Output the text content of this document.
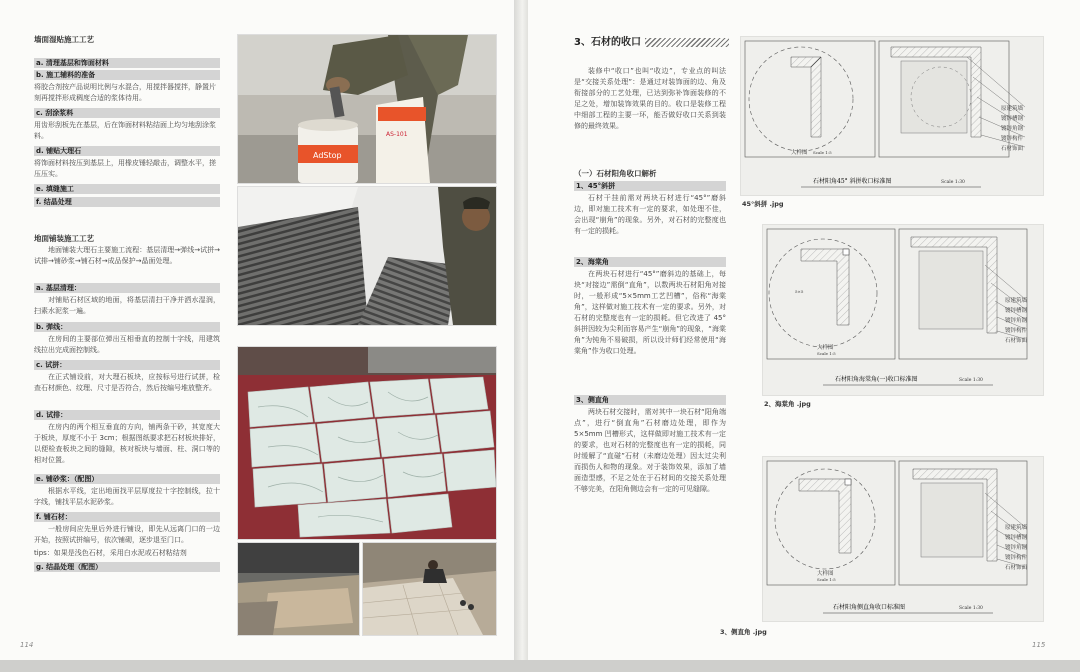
墙面湿贴施工工艺
a. 清理基层和饰面材料
b. 施工辅料的准备
将胶合剂按产品说明比例与水混合，用搅拌器搅拌，静置片刻再搅拌形成稠度合适的浆体待用。
c. 刮涂浆料
用齿形刮板先在基层，后在饰面材料粘结面上均匀地刮涂浆料。
d. 铺贴大理石
将饰面材料按压到基层上，用橡皮锤轻敲击，调整水平，搓压压实。
e. 填缝施工
f. 结晶处理
地面铺装施工工艺
地面铺装大理石主要施工流程：基层清理→弹线→试拼→试排→铺砂浆→铺石材→成品保护→晶面处理。
a. 基层清理：
对铺贴石材区域的地面，将基层清扫干净并洒水湿润，扫素水泥浆一遍。
b. 弹线：
在房间的主要部位弹出互相垂直的控制十字线，用建筑线拉出完成面控制线。
c. 试拼：
在正式铺设前，对大理石板块，应按标号进行试拼，检查石材颜色、纹理、尺寸是否符合，然后按编号堆放整齐。
d. 试排：
在房内的两个相互垂直的方向，铺两条干砂，其宽度大于板块，厚度不小于 3cm；根据图纸要求把石材板块排好，以便检查板块之间的缝隙，核对板块与墙面、柱、洞口等的相对位置。
e. 铺砂浆：（配图）
根据水平线，定出地面找平层厚度拉十字控制线，拉十字线，铺找平层水泥砂浆。
f. 铺石材：
一般房间应先里后外进行铺设，即先从远离门口的一边开始，按照试拼编号，依次铺砌，逐步退至门口。
tips：如果是浅色石材，采用白水泥或石材粘结剂
g. 结晶处理（配图）
AdStop
AS-101
114
3、石材的收口
装修中“收口”也叫“收边”，专业点的叫法是“交接关系处理”：是通过对装饰面的边、角及衔接部分的工艺处理，已达到弥补饰面装修的不足之处，增加装饰效果的目的。收口是装修工程中细部工程的主要一环，能否做好收口关系到装修的最终效果。
（一）石材阳角收口解析
1、45°斜拼
石材干挂前需对两块石材进行“45°”磨斜边，即对施工技术有一定的要求，如处理不佳，会出现“崩角”的现象。另外，对石材的完整度也有一定的损耗。
2、海棠角
在两块石材进行“45°”磨斜边的基础上，每块“对接边”需倒“直角”，以数两块石材阳角对接时，一般形成“5×5mm工艺凹槽”，俗称“海棠角”，这样做对施工技术有一定的要求。另外，对石材的完整度也有一定的损耗。但它改进了 45°斜拼因较为尖利而容易产生“崩角”的现象，“海棠角”为钝角不易破损，所以设计师们经常使用“海棠角”作为收口处理。
3、侧直角
两块石材交接时，需对其中一块石材“阳角端点”，进行“倒直角”石材磨边处理，即作为 5×5mm 凹槽形式，这样做即对施工技术有一定的要求，也对石材的完整度也有一定的损耗，同时缓解了“直碰”石材（未磨边处理）因太过尖利而损伤人和物的现象。对于装饰效果，添加了墙面造型感，不足之处在于石材间的交接关系处理不够完美，在阳角侧边会有一定的可见缝隙。
原建筑墙
镀锌槽钢
镀锌角钢
镀锌构件
石材饰面
大样图 Scale 1:5
石材阳角45° 斜拼收口标准图	Scale 1:30
45°斜拼 .jpg
5×5
原建筑墙
镀锌槽钢
镀锌角钢
镀锌构件
石材饰面
大样图
Scale 1:5
石材阳角海棠角(一)收口标准图	Scale 1:30
2、海棠角 .jpg
原建筑墙
镀锌槽钢
镀锌角钢
镀锌构件
石材饰面
大样图
Scale 1:5
石材阳角侧直角收口标准图	Scale 1:30
3、侧直角 .jpg
115
